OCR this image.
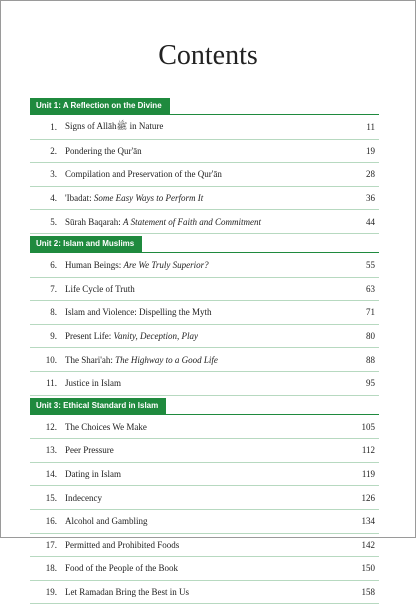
Contents
Unit 1: A Reflection on the Divine
1. Signs of Allāhﷺ in Nature	11
2. Pondering the Qur'ān	19
3. Compilation and Preservation of the Qur'ān	28
4. 'Ibadat: Some Easy Ways to Perform It	36
5. Sūrah Baqarah: A Statement of Faith and Commitment	44
Unit 2: Islam and Muslims
6. Human Beings: Are We Truly Superior?	55
7. Life Cycle of Truth	63
8. Islam and Violence: Dispelling the Myth	71
9. Present Life: Vanity, Deception, Play	80
10. The Shari'ah: The Highway to a Good Life	88
11. Justice in Islam	95
Unit 3: Ethical Standard in Islam
12. The Choices We Make	105
13. Peer Pressure	112
14. Dating in Islam	119
15. Indecency	126
16. Alcohol and Gambling	134
17. Permitted and Prohibited Foods	142
18. Food of the People of the Book	150
19. Let Ramadan Bring the Best in Us	158
